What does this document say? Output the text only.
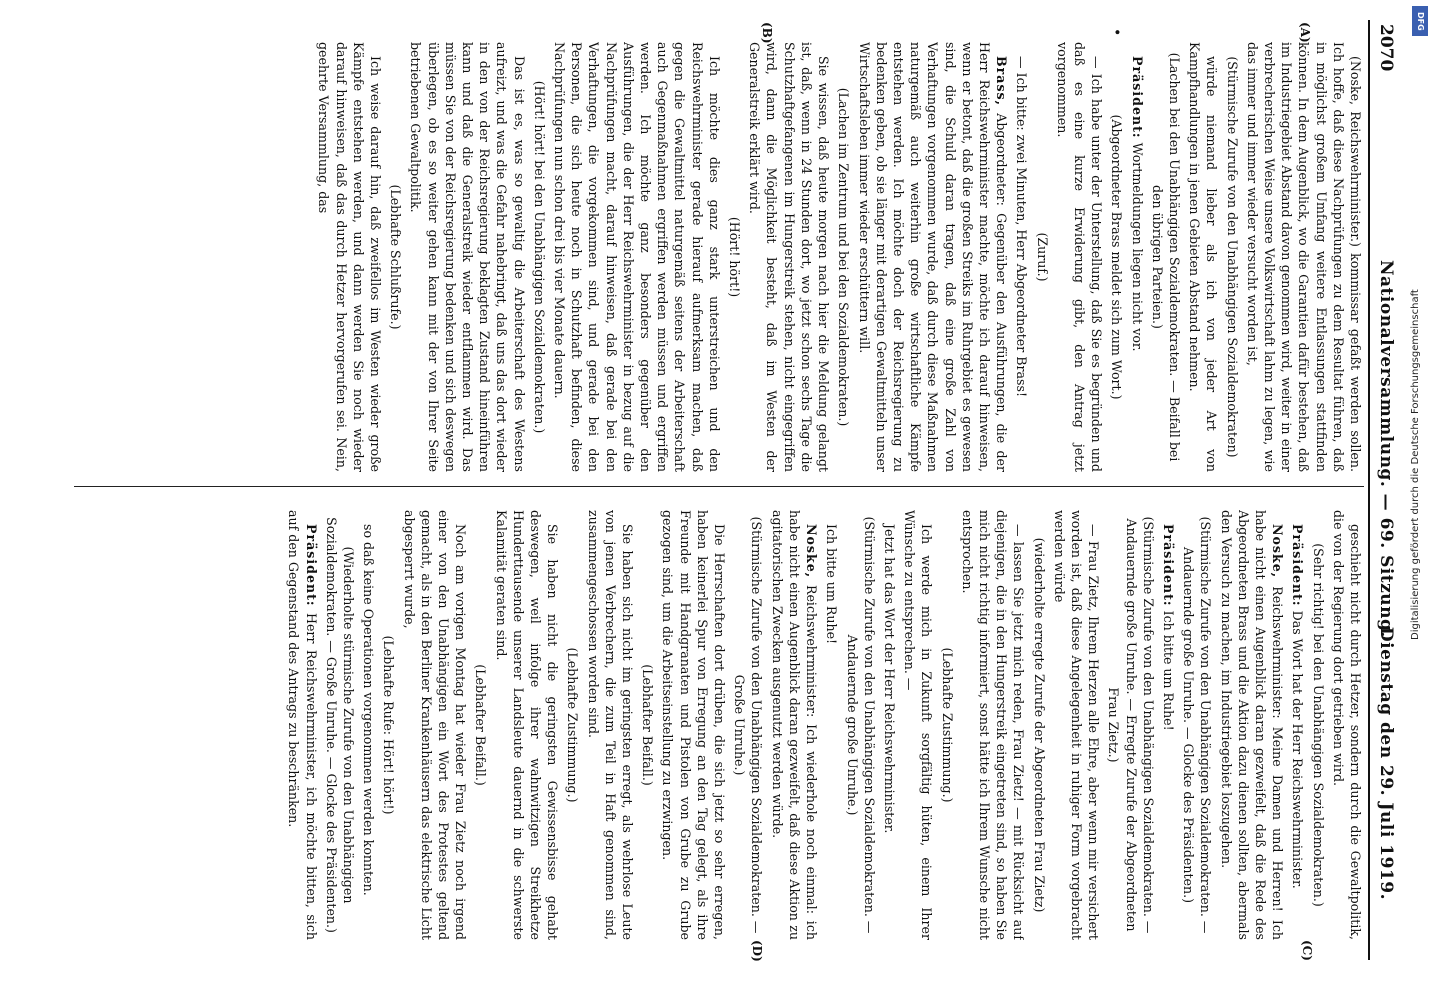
2070
Nationalversammlung. — 69. Sitzung.
Dienstag den 29. Juli 1919.
(A)
(B)
(C)
(D)
•

(Noske, Reichswehrminister.) kommissar gefaßt werden sollen. Ich hoffe, daß diese Nachprüfungen zu dem Resultat führen, daß in möglichst großem Umfang weitere Entlassungen stattfinden können. In dem Augenblick, wo die Garantien dafür bestehen, daß im Industriegebiet Abstand davon genommen wird, weiter in einer verbrecherischen Weise unsere Volkswirtschaft lahm zu legen, wie das immer und immer wieder versucht worden ist,

(Stürmische Zurufe von den Unabhängigen Sozialdemokraten)

würde niemand lieber als ich von jeder Art von Kampfhandlungen in jenen Gebieten Abstand nehmen.

(Lachen bei den Unabhängigen Sozialdemokraten. — Beifall bei den übrigen Parteien.)

Präsident: Wortmeldungen liegen nicht vor.

(Abgeordneter Brass meldet sich zum Wort.)

— Ich habe unter der Unterstellung, daß Sie es begründen und daß es eine kurze Erwiderung gibt, den Antrag jetzt vorgenommen.

(Zuruf.)

— Ich bitte: zwei Minuten, Herr Abgeordneter Brass!

Brass, Abgeordneter: Gegenüber den Ausführungen, die der Herr Reichswehrminister machte, möchte ich darauf hinweisen, wenn er betont, daß die großen Streiks im Ruhrgebiet es gewesen sind, die Schuld daran tragen, daß eine große Zahl von Verhaftungen vorgenommen wurde, daß durch diese Maßnahmen naturgemäß auch weiterhin große wirtschaftliche Kämpfe entstehen werden. Ich möchte doch der Reichsregierung zu bedenken geben, ob sie länger mit derartigen Gewaltmitteln unser Wirtschaftsleben immer wieder erschüttern will.

(Lachen im Zentrum und bei den Sozialdemokraten.)

Sie wissen, daß heute morgen nach hier die Meldung gelangt ist, daß, wenn in 24 Stunden dort, wo jetzt schon sechs Tage die Schutzhaftgefangenen im Hungerstreik stehen, nicht eingegriffen wird, dann die Möglichkeit besteht, daß im Westen der Generalstreik erklärt wird.

(Hört! hört!)

Ich möchte dies ganz stark unterstreichen und den Reichswehrminister gerade hierauf aufmerksam machen, daß gegen die Gewaltmittel naturgemäß seitens der Arbeiterschaft auch Gegenmaßnahmen ergriffen werden müssen und ergriffen werden. Ich möchte ganz besonders gegenüber den Ausführungen, die der Herr Reichswehrminister in bezug auf die Nachprüfungen macht, darauf hinweisen, daß gerade bei den Verhaftungen, die vorgekommen sind, und gerade bei den Personen, die sich heute noch in Schutzhaft befinden, diese Nachprüfungen nun schon drei bis vier Monate dauern.

(Hört! hört! bei den Unabhängigen Sozialdemokraten.)

Das ist es, was so gewaltig die Arbeiterschaft des Westens aufreizt, und was die Gefahr nahebringt, daß uns das dort wieder in den von der Reichsregierung beklagten Zustand hineinführen kann und daß die Generalstreik wieder entflammen wird. Das müssen Sie von der Reichsregierung bedenken und sich deswegen überlegen, ob es so weiter gehen kann mit der von Ihrer Seite betriebenen Gewaltpolitik.

(Lebhafte Schlußrufe.)

Ich weise darauf hin, daß zweifellos im Westen wieder große Kämpfe entstehen werden, und dann werden Sie noch wieder darauf hinweisen, daß das durch Hetzer hervorgerufen sei. Nein, geehrte Versammlung, das

geschieht nicht durch Hetzer, sondern durch die Gewaltpolitik, die von der Regierung dort getrieben wird.

(Sehr richtig! bei den Unabhängigen Sozialdemokraten.)

Präsident: Das Wort hat der Herr Reichswehrminister.

Noske, Reichswehrminister: Meine Damen und Herren! Ich habe nicht einen Augenblick daran gezweifelt, daß die Rede des Abgeordneten Brass und die Aktion dazu dienen sollten, abermals den Versuch zu machen, im Industriegebiet loszugehen.

(Stürmische Zurufe von den Unabhängigen Sozialdemokraten. — Andauernde große Unruhe. — Glocke des Präsidenten.)

Präsident: Ich bitte um Ruhe!

(Stürmische Zurufe von den Unabhängigen Sozialdemokraten. — Andauernde große Unruhe. — Erregte Zurufe der Abgeordneten Frau Zietz.)

— Frau Zietz, Ihrem Herzen alle Ehre, aber wenn mir versichert worden ist, daß diese Angelegenheit in ruhiger Form vorgebracht werden würde

(wiederholte erregte Zurufe der Abgeordneten Frau Zietz)

— lassen Sie jetzt mich reden, Frau Zietz! — mit Rücksicht auf diejenigen, die in den Hungerstreik eingetreten sind, so haben Sie mich nicht richtig informiert, sonst hätte ich Ihrem Wunsche nicht entsprochen.

(Lebhafte Zustimmung.)

Ich werde mich in Zukunft sorgfältig hüten, einem Ihrer Wünsche zu entsprechen. —

Jetzt hat das Wort der Herr Reichswehrminister.

(Stürmische Zurufe von den Unabhängigen Sozialdemokraten. — Andauernde große Unruhe.)

Ich bitte um Ruhe!

Noske, Reichswehrminister: Ich wiederhole noch einmal: ich habe nicht einen Augenblick daran gezweifelt, daß diese Aktion zu agitatorischen Zwecken ausgenutzt werden würde.

(Stürmische Zurufe von den Unabhängigen Sozialdemokraten. — Große Unruhe.)

Die Herrschaften dort drüben, die sich jetzt so sehr erregen, haben keinerlei Spur von Erregung an den Tag gelegt, als ihre Freunde mit Handgranaten und Pistolen von Grube zu Grube gezogen sind, um die Arbeitseinstellung zu erzwingen.

(Lebhafter Beifall.)

Sie haben sich nicht im geringsten erregt, als wehrlose Leute von jenen Verbrechern, die zum Teil in Haft genommen sind, zusammengeschossen worden sind.

(Lebhafte Zustimmung.)

Sie haben nicht die geringsten Gewissensbisse gehabt deswegen, weil infolge ihrer wahnwitzigen Streikhetze Hunderttausende unserer Landsleute dauernd in die schwerste Kalamität geraten sind.

(Lebhafter Beifall.)

Noch am vorigen Montag hat wieder Frau Zietz noch irgend einer von den Unabhängigen ein Wort des Protestes geltend gemacht, als in den Berliner Krankenhäusern das elektrische Licht abgesperrt wurde,

(Lebhafte Rufe: Hört! hört!)

so daß keine Operationen vorgenommen werden konnten.

(Wiederholte stürmische Zurufe von den Unabhängigen Sozialdemokraten. — Große Unruhe. — Glocke des Präsidenten.)

Präsident: Herr Reichswehrminister, ich möchte bitten, sich auf den Gegenstand des Antrags zu beschränken.

DFG
Digitalisierung gefördert durch die Deutsche Forschungsgemeinschaft
